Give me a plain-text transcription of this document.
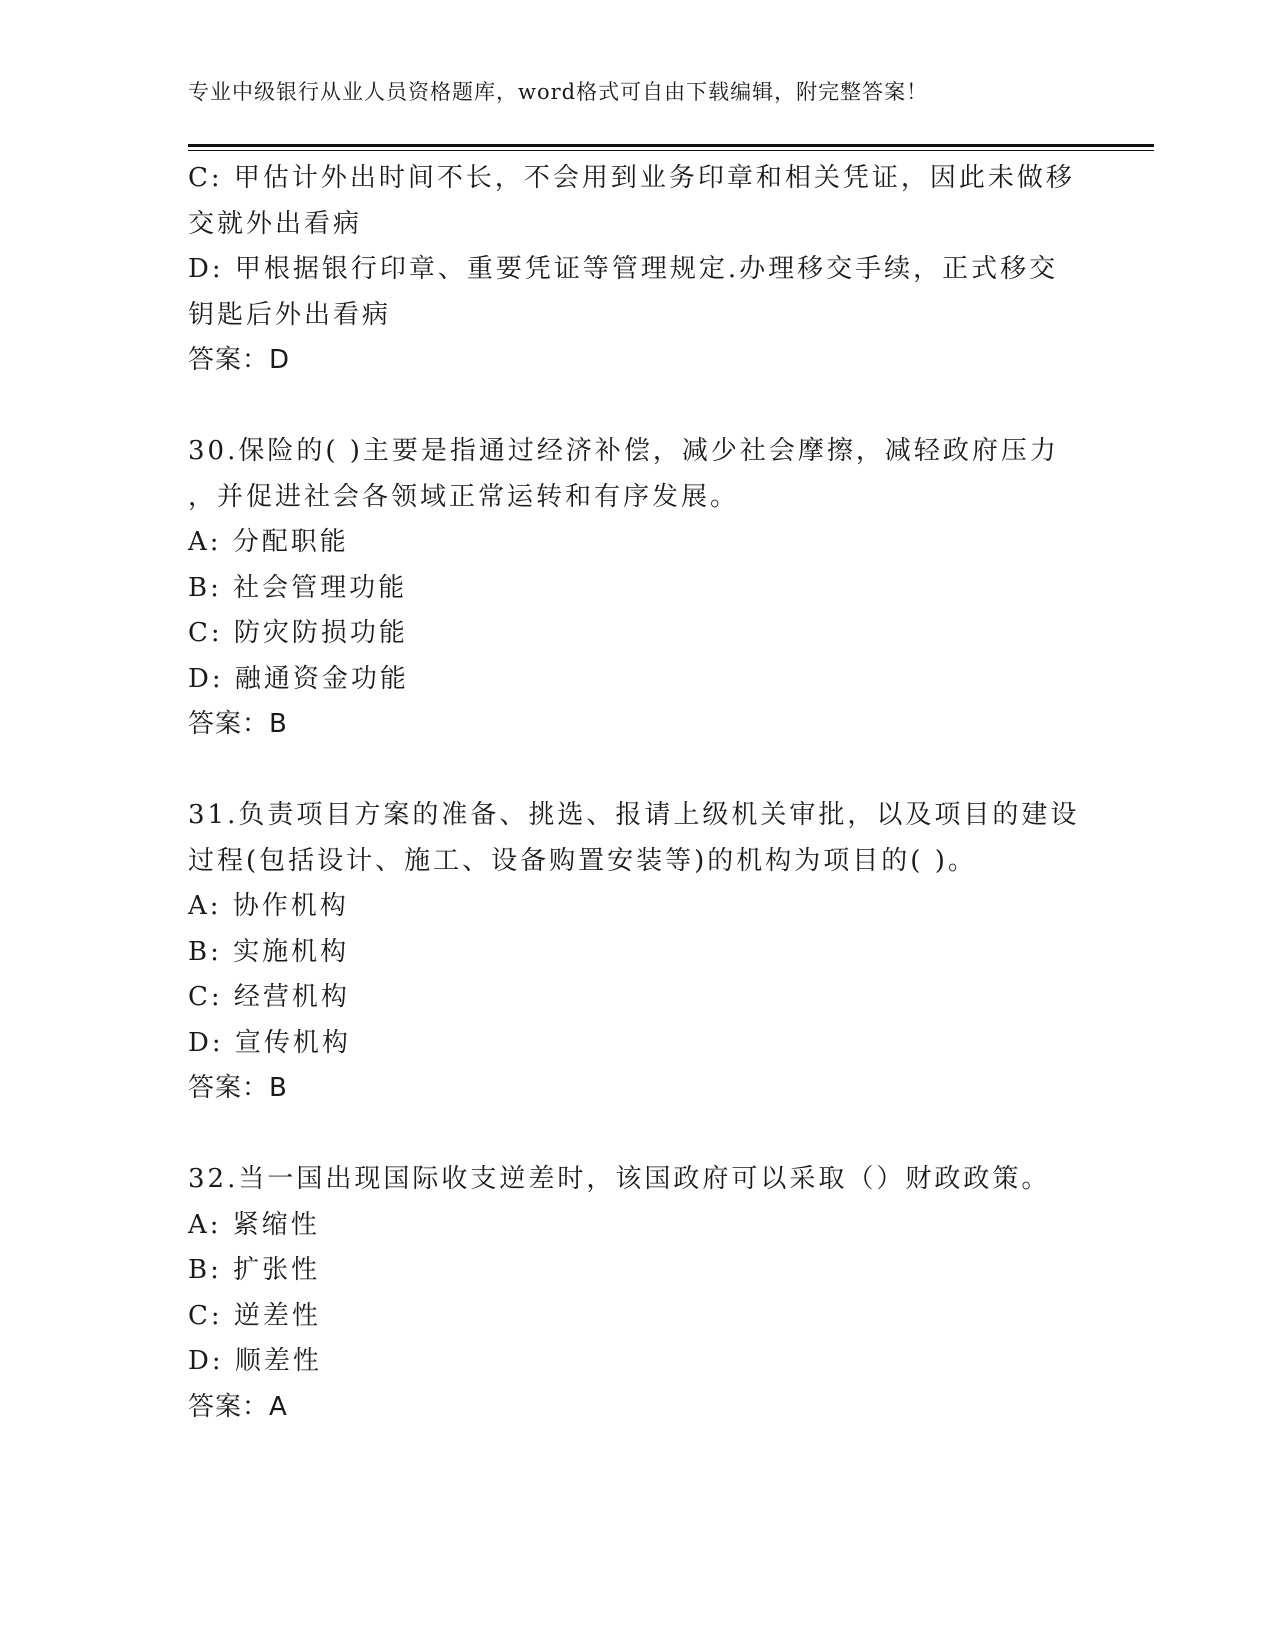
专业中级银行从业人员资格题库，word格式可自由下载编辑，附完整答案！
C: 甲估计外出时间不长，不会用到业务印章和相关凭证，因此未做移
交就外出看病
D: 甲根据银行印章、重要凭证等管理规定.办理移交手续，正式移交
钥匙后外出看病
答案：D
30.保险的( )主要是指通过经济补偿，减少社会摩擦，减轻政府压力
，并促进社会各领域正常运转和有序发展。
A: 分配职能
B: 社会管理功能
C: 防灾防损功能
D: 融通资金功能
答案：B
31.负责项目方案的准备、挑选、报请上级机关审批，以及项目的建设
过程(包括设计、施工、设备购置安装等)的机构为项目的( )。
A: 协作机构
B: 实施机构
C: 经营机构
D: 宣传机构
答案：B
32.当一国出现国际收支逆差时，该国政府可以采取（）财政政策。
A: 紧缩性
B: 扩张性
C: 逆差性
D: 顺差性
答案：A
